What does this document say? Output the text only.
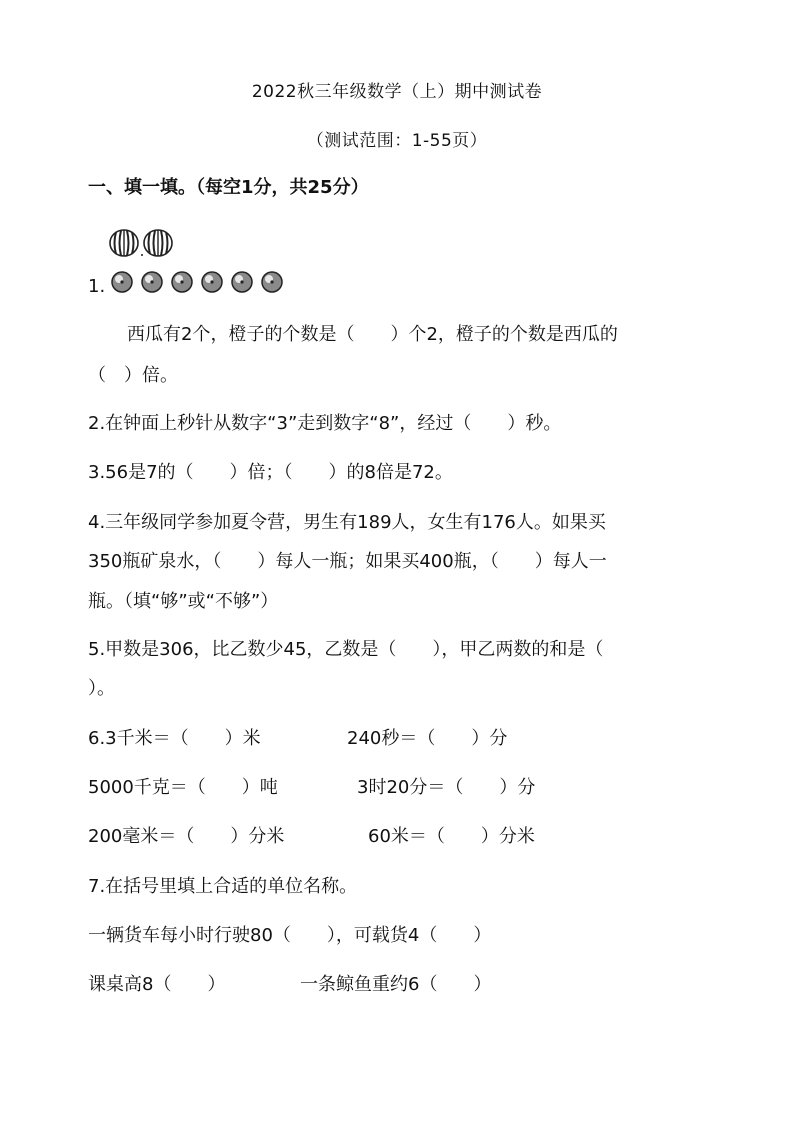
2022秋三年级数学（上）期中测试卷
（测试范围：1-55页）
一、填一填。（每空1分，共25分）
1.
西瓜有2个，橙子的个数是（　　）个2，橙子的个数是西瓜的
（　）倍。
2.在钟面上秒针从数字“3”走到数字“8”，经过（　　）秒。
3.56是7的（　　）倍；（　　）的8倍是72。
4.三年级同学参加夏令营，男生有189人，女生有176人。如果买
350瓶矿泉水，（　　）每人一瓶；如果买400瓶，（　　）每人一
瓶。（填“够”或“不够”）
5.甲数是306，比乙数少45，乙数是（　　），甲乙两数的和是（
）。
6.3千米＝（　　）米	240秒＝（　　）分
5000千克＝（　　）吨	3时20分＝（　　）分
200毫米＝（　　）分米	60米＝（　　）分米
7.在括号里填上合适的单位名称。
一辆货车每小时行驶80（　　），可载货4（　　）
课桌高8（　　）	一条鲸鱼重约6（　　）
